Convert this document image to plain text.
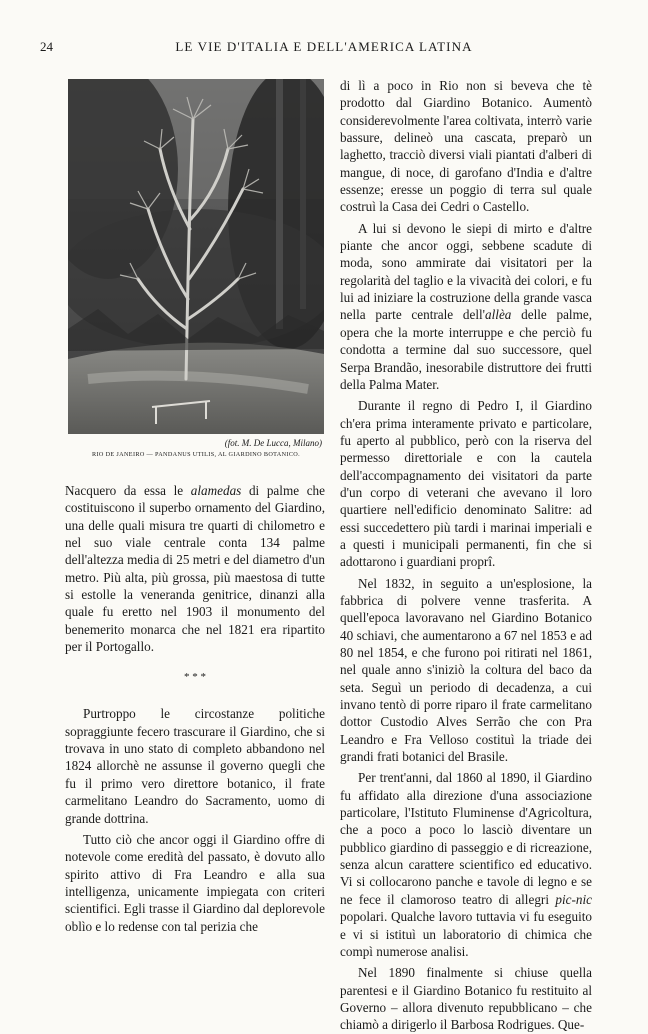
24	LE VIE D'ITALIA E DELL'AMERICA LATINA
(fot. M. De Lucca, Milano)
RIO DE JANEIRO — PANDANUS UTILIS, AL GIARDINO BOTANICO.

Nacquero da essa le alamedas di palme che costituiscono il superbo ornamento del Giardino, una delle quali misura tre quarti di chilometro e nel suo viale centrale conta 134 palme dell'altezza media di 25 metri e del diametro d'un metro. Più alta, più grossa, più maestosa di tutte si estolle la veneranda genitrice, dinanzi alla quale fu eretto nel 1903 il monumento del benemerito monarca che nel 1821 era ripartito per il Portogallo.

* * *

Purtroppo le circostanze politiche sopraggiunte fecero trascurare il Giardino, che si trovava in uno stato di completo abbandono nel 1824 allorchè ne assunse il governo quegli che fu il primo vero direttore botanico, il frate carmelitano Leandro do Sacramento, uomo di grande dottrina.

Tutto ciò che ancor oggi il Giardino offre di notevole come eredità del passato, è dovuto allo spirito attivo di Fra Leandro e alla sua intelligenza, unicamente impiegata con criteri scientifici. Egli trasse il Giardino dal deplorevole oblìo e lo redense con tal perizia che

di lì a poco in Rio non si beveva che tè prodotto dal Giardino Botanico. Aumentò considerevolmente l'area coltivata, interrò varie bassure, delineò una cascata, preparò un laghetto, tracciò diversi viali piantati d'alberi di mangue, di noce, di garofano d'India e d'altre essenze; eresse un poggio di terra sul quale costruì la Casa dei Cedri o Castello.

A lui si devono le siepi di mirto e d'altre piante che ancor oggi, sebbene scadute di moda, sono ammirate dai visitatori per la regolarità del taglio e la vivacità dei colori, e fu lui ad iniziare la costruzione della grande vasca nella parte centrale dell'allèa delle palme, opera che la morte interruppe e che perciò fu condotta a termine dal suo successore, quel Serpa Brandão, inesorabile distruttore dei frutti della Palma Mater.

Durante il regno di Pedro I, il Giardino ch'era prima interamente privato e particolare, fu aperto al pubblico, però con la riserva del permesso direttoriale e con la cautela dell'accompagnamento dei visitatori da parte d'un corpo di veterani che avevano il loro quartiere nell'edificio denominato Salitre: ad essi succedettero più tardi i marinai imperiali e a questi i municipali permanenti, fin che si adottarono i guardiani proprî.

Nel 1832, in seguito a un'esplosione, la fabbrica di polvere venne trasferita. A quell'epoca lavoravano nel Giardino Botanico 40 schiavi, che aumentarono a 67 nel 1853 e ad 80 nel 1854, e che furono poi ritirati nel 1861, nel quale anno s'iniziò la coltura del baco da seta. Seguì un periodo di decadenza, a cui invano tentò di porre riparo il frate carmelitano dottor Custodio Alves Serrão che con Pra Leandro e Fra Velloso costituì la triade dei grandi frati botanici del Brasile.

Per trent'anni, dal 1860 al 1890, il Giardino fu affidato alla direzione d'una associazione particolare, l'Istituto Fluminense d'Agricoltura, che a poco a poco lo lasciò diventare un pubblico giardino di passeggio e di ricreazione, senza alcun carattere scientifico ed educativo. Vi si collocarono panche e tavole di legno e se ne fece il clamoroso teatro di allegri pic-nic popolari. Qualche lavoro tuttavia vi fu eseguito e vi si istituì un laboratorio di chimica che compì numerose analisi.

Nel 1890 finalmente si chiuse quella parentesi e il Giardino Botanico fu restituito al Governo – allora divenuto repubblicano – che chiamò a dirigerlo il Barbosa Rodrigues. Que-
